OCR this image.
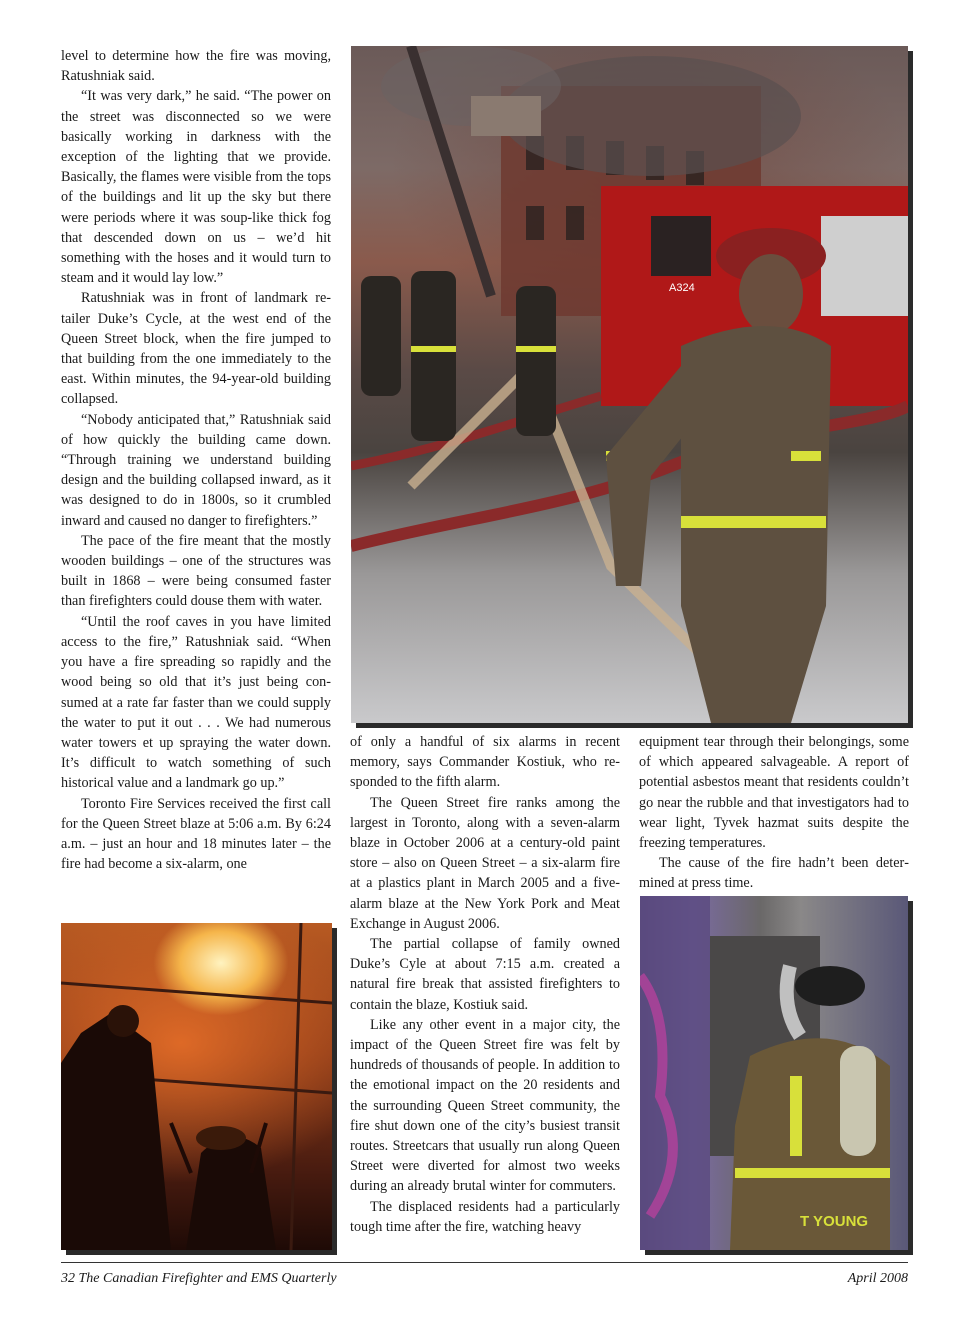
level to determine how the fire was moving, Ratushniak said.

“It was very dark,” he said. “The power on the street was disconnected so we were basically working in darkness with the exception of the lighting that we provide. Basically, the flames were visible from the tops of the buildings and lit up the sky but there were periods where it was soup-like thick fog that descended down on us – we’d hit something with the hoses and it would turn to steam and it would lay low.”

Ratushniak was in front of landmark retailer Duke’s Cycle, at the west end of the Queen Street block, when the fire jumped to that building from the one immediately to the east. Within minutes, the 94-year-old building collapsed.

“Nobody anticipated that,” Ratushniak said of how quickly the building came down. “Through training we understand building design and the building collapsed inward, as it was designed to do in 1800s, so it crumbled inward and caused no danger to firefighters.”

The pace of the fire meant that the mostly wooden buildings – one of the structures was built in 1868 – were being consumed faster than firefighters could douse them with water.

“Until the roof caves in you have limited access to the fire,” Ratushniak said. “When you have a fire spreading so rapidly and the wood being so old that it’s just being consumed at a rate far faster than we could supply the water to put it out . . . We had numerous water towers et up spraying the water down. It’s difficult to watch something of such historical value and a landmark go up.”

Toronto Fire Services received the first call for the Queen Street blaze at 5:06 a.m. By 6:24 a.m. – just an hour and 18 minutes later – the fire had become a six-alarm, one

A324

of only a handful of six alarms in recent memory, says Commander Kostiuk, who responded to the fifth alarm.

The Queen Street fire ranks among the largest in Toronto, along with a seven-alarm blaze in October 2006 at a century-old paint store – also on Queen Street – a six-alarm fire at a plastics plant in March 2005 and a five-alarm blaze at the New York Pork and Meat Exchange in August 2006.

The partial collapse of family owned Duke’s Cyle at about 7:15 a.m. created a natural fire break that assisted firefighters to contain the blaze, Kostiuk said.

Like any other event in a major city, the impact of the Queen Street fire was felt by hundreds of thousands of people. In addition to the emotional impact on the 20 residents and the surrounding Queen Street community, the fire shut down one of the city’s busiest transit routes. Streetcars that usually run along Queen Street were diverted for almost two weeks during an already brutal winter for commuters.

The displaced residents had a particularly tough time after the fire, watching heavy

equipment tear through their belongings, some of which appeared salvageable. A report of potential asbestos meant that residents couldn’t go near the rubble and that investigators had to wear light, Tyvek hazmat suits despite the freezing temperatures.

The cause of the fire hadn’t been determined at press time.

T YOUNG
32 The Canadian Firefighter and EMS Quarterly	April 2008
